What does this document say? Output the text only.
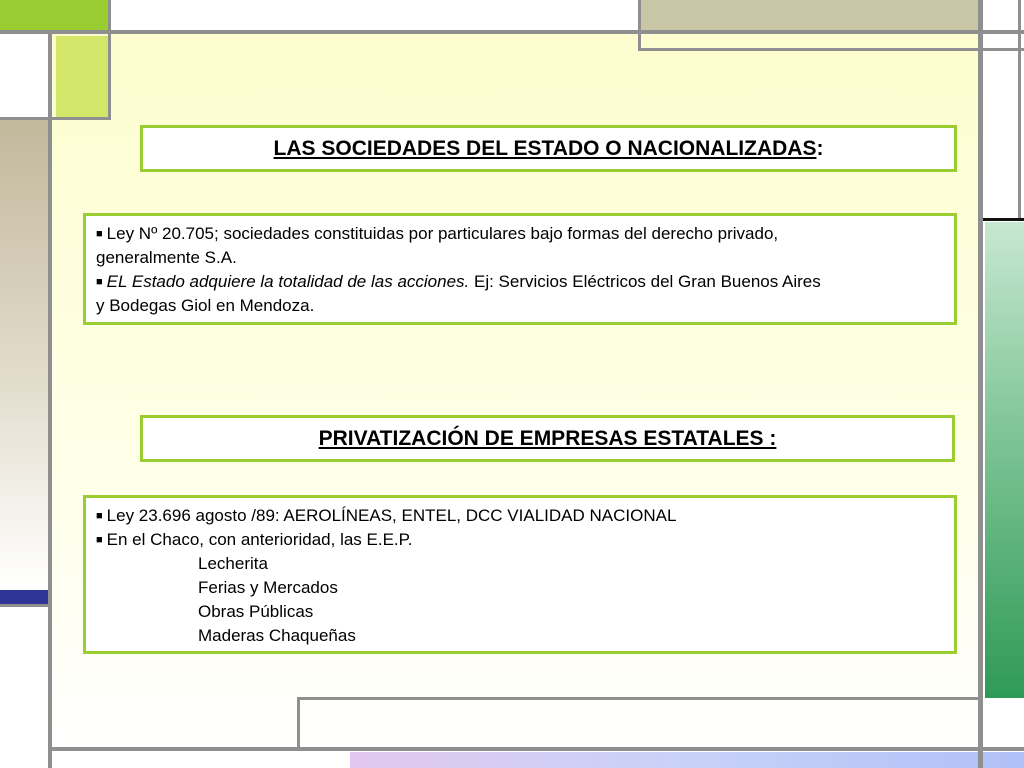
LAS SOCIEDADES DEL ESTADO O NACIONALIZADAS :
■ Ley Nº 20.705; sociedades constituidas por particulares bajo formas del derecho privado,
generalmente S.A.
■ EL Estado adquiere la totalidad de las acciones. Ej: Servicios Eléctricos del Gran Buenos Aires
y Bodegas Giol en Mendoza.
PRIVATIZACIÓN DE EMPRESAS ESTATALES :
■ Ley 23.696 agosto /89: AEROLÍNEAS, ENTEL, DCC VIALIDAD NACIONAL
■ En el Chaco, con anterioridad, las E.E.P.
Lecherita
Ferias y Mercados
Obras Públicas
Maderas Chaqueñas
